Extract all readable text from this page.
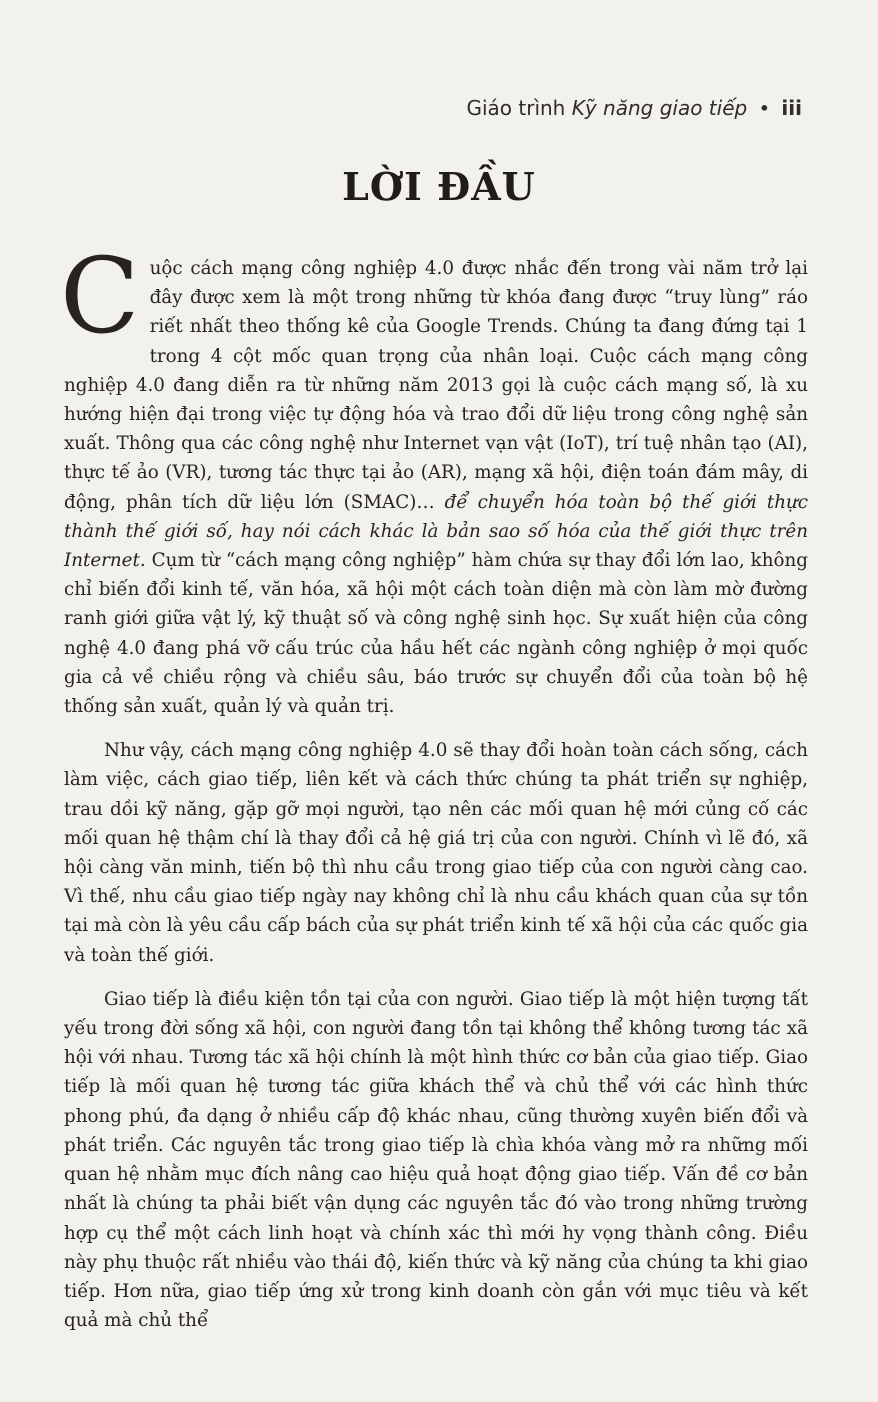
Giáo trình Kỹ năng giao tiếp • iii
LỜI ĐẦU

Cuộc cách mạng công nghiệp 4.0 được nhắc đến trong vài năm trở lại đây được xem là một trong những từ khóa đang được “truy lùng” ráo riết nhất theo thống kê của Google Trends. Chúng ta đang đứng tại 1 trong 4 cột mốc quan trọng của nhân loại. Cuộc cách mạng công nghiệp 4.0 đang diễn ra từ những năm 2013 gọi là cuộc cách mạng số, là xu hướng hiện đại trong việc tự động hóa và trao đổi dữ liệu trong công nghệ sản xuất. Thông qua các công nghệ như Internet vạn vật (IoT), trí tuệ nhân tạo (AI), thực tế ảo (VR), tương tác thực tại ảo (AR), mạng xã hội, điện toán đám mây, di động, phân tích dữ liệu lớn (SMAC)… để chuyển hóa toàn bộ thế giới thực thành thế giới số, hay nói cách khác là bản sao số hóa của thế giới thực trên Internet. Cụm từ “cách mạng công nghiệp” hàm chứa sự thay đổi lớn lao, không chỉ biến đổi kinh tế, văn hóa, xã hội một cách toàn diện mà còn làm mờ đường ranh giới giữa vật lý, kỹ thuật số và công nghệ sinh học. Sự xuất hiện của công nghệ 4.0 đang phá vỡ cấu trúc của hầu hết các ngành công nghiệp ở mọi quốc gia cả về chiều rộng và chiều sâu, báo trước sự chuyển đổi của toàn bộ hệ thống sản xuất, quản lý và quản trị.

Như vậy, cách mạng công nghiệp 4.0 sẽ thay đổi hoàn toàn cách sống, cách làm việc, cách giao tiếp, liên kết và cách thức chúng ta phát triển sự nghiệp, trau dồi kỹ năng, gặp gỡ mọi người, tạo nên các mối quan hệ mới củng cố các mối quan hệ thậm chí là thay đổi cả hệ giá trị của con người. Chính vì lẽ đó, xã hội càng văn minh, tiến bộ thì nhu cầu trong giao tiếp của con người càng cao. Vì thế, nhu cầu giao tiếp ngày nay không chỉ là nhu cầu khách quan của sự tồn tại mà còn là yêu cầu cấp bách của sự phát triển kinh tế xã hội của các quốc gia và toàn thế giới.

Giao tiếp là điều kiện tồn tại của con người. Giao tiếp là một hiện tượng tất yếu trong đời sống xã hội, con người đang tồn tại không thể không tương tác xã hội với nhau. Tương tác xã hội chính là một hình thức cơ bản của giao tiếp. Giao tiếp là mối quan hệ tương tác giữa khách thể và chủ thể với các hình thức phong phú, đa dạng ở nhiều cấp độ khác nhau, cũng thường xuyên biến đổi và phát triển. Các nguyên tắc trong giao tiếp là chìa khóa vàng mở ra những mối quan hệ nhằm mục đích nâng cao hiệu quả hoạt động giao tiếp. Vấn đề cơ bản nhất là chúng ta phải biết vận dụng các nguyên tắc đó vào trong những trường hợp cụ thể một cách linh hoạt và chính xác thì mới hy vọng thành công. Điều này phụ thuộc rất nhiều vào thái độ, kiến thức và kỹ năng của chúng ta khi giao tiếp. Hơn nữa, giao tiếp ứng xử trong kinh doanh còn gắn với mục tiêu và kết quả mà chủ thể
